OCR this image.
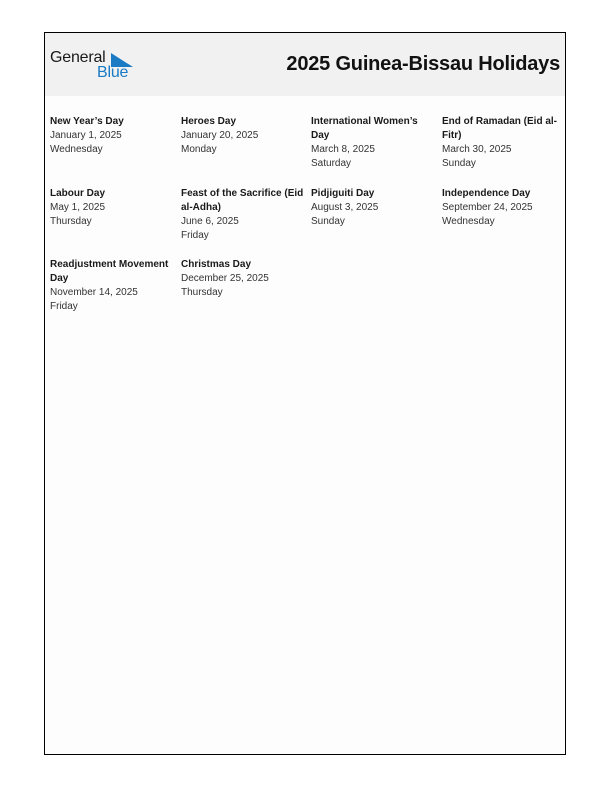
General
Blue	2025 Guinea-Bissau Holidays
New Year’s Day
January 1, 2025
Wednesday
Heroes Day
January 20, 2025
Monday
International Women’s Day
March 8, 2025
Saturday
End of Ramadan (Eid al-Fitr)
March 30, 2025
Sunday
Labour Day
May 1, 2025
Thursday
Feast of the Sacrifice (Eid al-Adha)
June 6, 2025
Friday
Pidjiguiti Day
August 3, 2025
Sunday
Independence Day
September 24, 2025
Wednesday
Readjustment Movement Day
November 14, 2025
Friday
Christmas Day
December 25, 2025
Thursday
